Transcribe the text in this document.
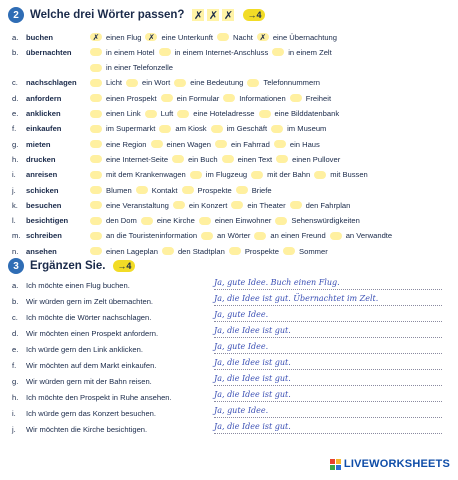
2 Welche drei Wörter passen? ✗ ✗ ✗	→4
a.	buchen	✗ einen Flug ✗ eine Unterkunft	Nacht ✗ eine Übernachtung
b.	übernachten	in einem Hotel	in einem Internet-Anschluss	in einem Zelt
in einer Telefonzelle
c.	nachschlagen	Licht	ein Wort	eine Bedeutung	Telefonnummern
d.	anfordern	einen Prospekt	ein Formular	Informationen	Freiheit
e.	anklicken	einen Link	Luft	eine Hoteladresse	eine Bilddatenbank
f.	einkaufen	im Supermarkt	am Kiosk	im Geschäft	im Museum
g.	mieten	eine Region	einen Wagen	ein Fahrrad	ein Haus
h.	drucken	eine Internet-Seite	ein Buch	einen Text	einen Pullover
i.	anreisen	mit dem Krankenwagen	im Flugzeug	mit der Bahn	mit Bussen
j.	schicken	Blumen	Kontakt	Prospekte	Briefe
k.	besuchen	eine Veranstaltung	ein Konzert	ein Theater	den Fahrplan
l.	besichtigen	den Dom	eine Kirche	einen Einwohner	Sehenswürdigkeiten
m. schreiben	an die Touristeninformation	an Wörter	an einen Freund	an Verwandte
n.	ansehen	einen Lageplan	den Stadtplan	Prospekte	Sommer
3 Ergänzen Sie.	→4
a.	Ich möchte einen Flug buchen.	Ja, gute Idee. Buch einen Flug.
b.	Wir würden gern im Zelt übernachten.	Ja, die Idee ist gut. Übernachtet im Zelt.
c.	Ich möchte die Wörter nachschlagen.	Ja, gute Idee.
d.	Wir möchten einen Prospekt anfordern.	Ja, die Idee ist gut.
e.	Ich würde gern den Link anklicken.	Ja, gute Idee.
f.	Wir möchten auf dem Markt einkaufen.	Ja, die Idee ist gut.
g.	Wir würden gern mit der Bahn reisen.	Ja, die Idee ist gut.
h.	Ich möchte den Prospekt in Ruhe ansehen.	Ja, die Idee ist gut.
i.	Ich würde gern das Konzert besuchen.	Ja, gute Idee.
j.	Wir möchten die Kirche besichtigen.	Ja, die Idee ist gut.
LIVEWORKSHEETS
